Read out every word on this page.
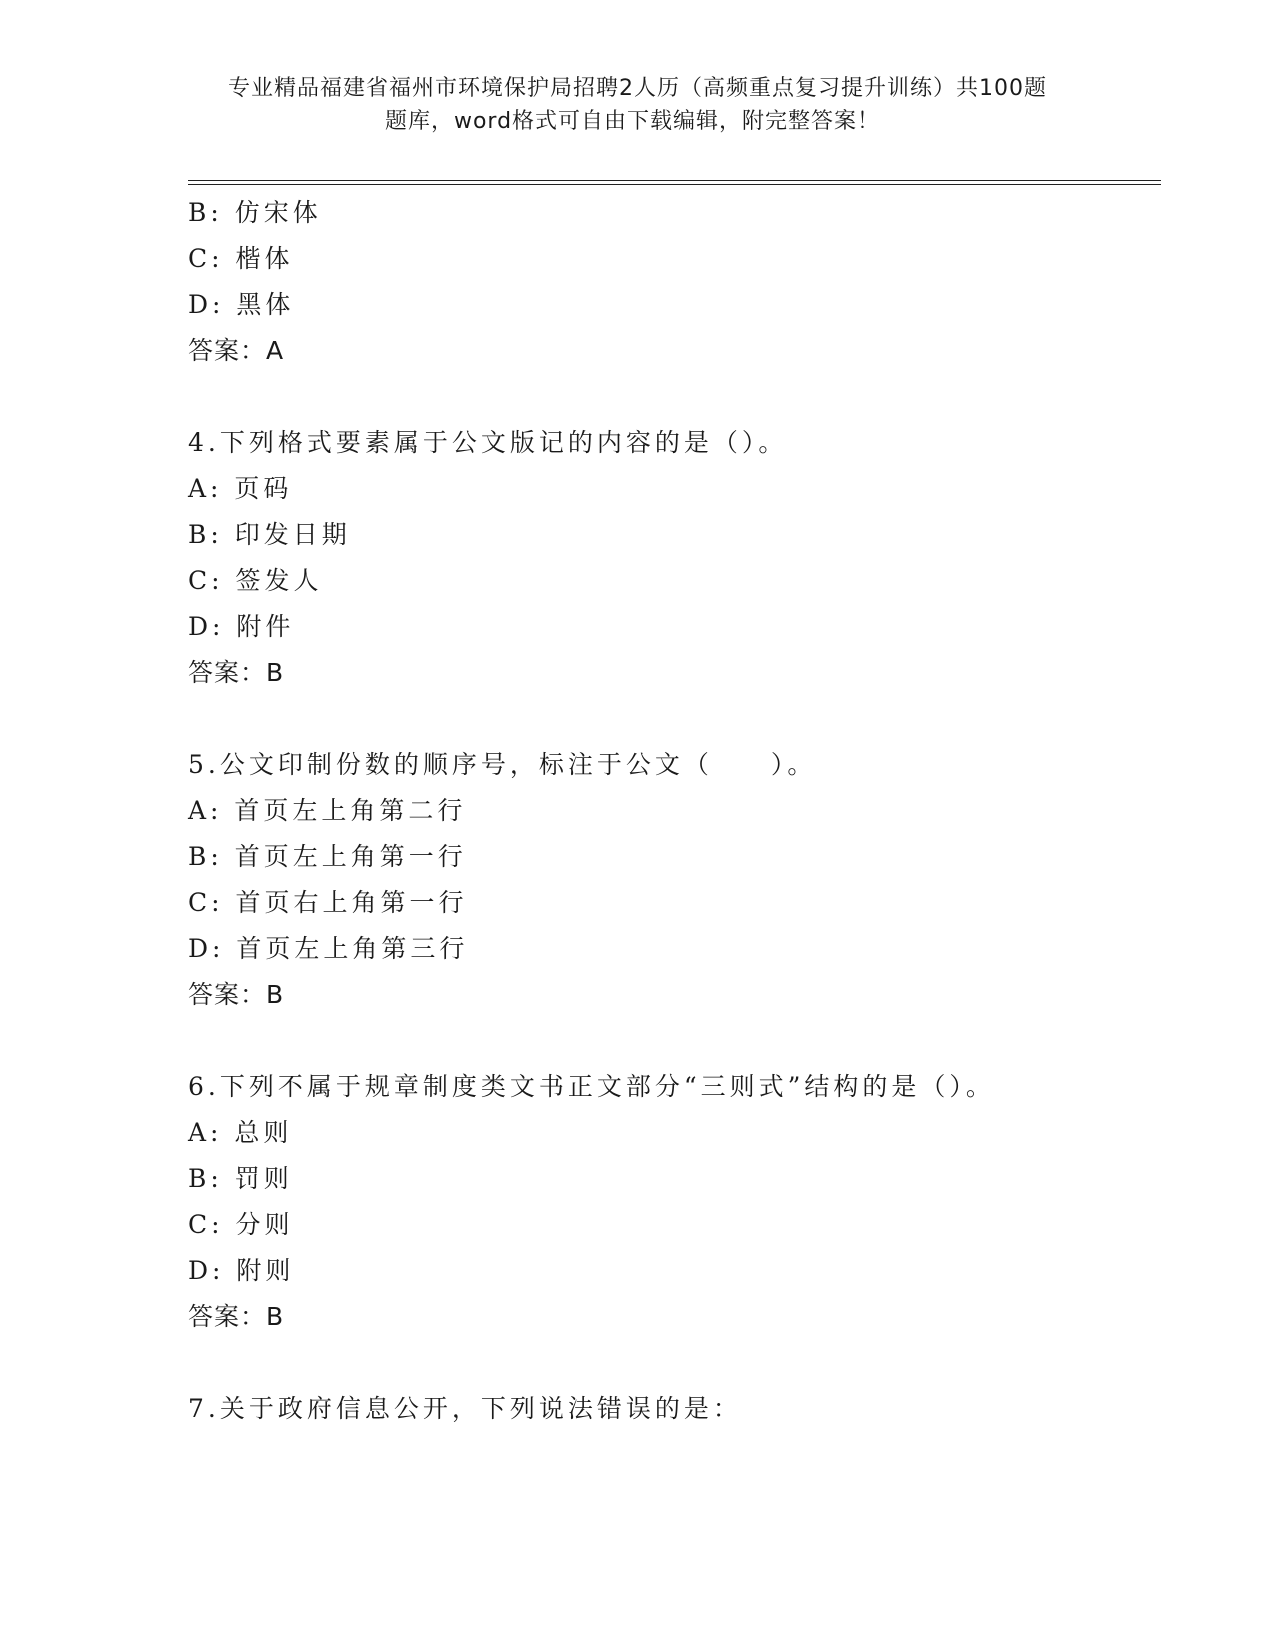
专业精品福建省福州市环境保护局招聘2人历（高频重点复习提升训练）共100题
题库，word格式可自由下载编辑，附完整答案！
B: 仿宋体
C: 楷体
D: 黑体
答案：A
4.下列格式要素属于公文版记的内容的是（）。
A: 页码
B: 印发日期
C: 签发人
D: 附件
答案：B
5.公文印制份数的顺序号，标注于公文（　　）。
A: 首页左上角第二行
B: 首页左上角第一行
C: 首页右上角第一行
D: 首页左上角第三行
答案：B
6.下列不属于规章制度类文书正文部分“三则式”结构的是（）。
A: 总则
B: 罚则
C: 分则
D: 附则
答案：B
7.关于政府信息公开，下列说法错误的是：
